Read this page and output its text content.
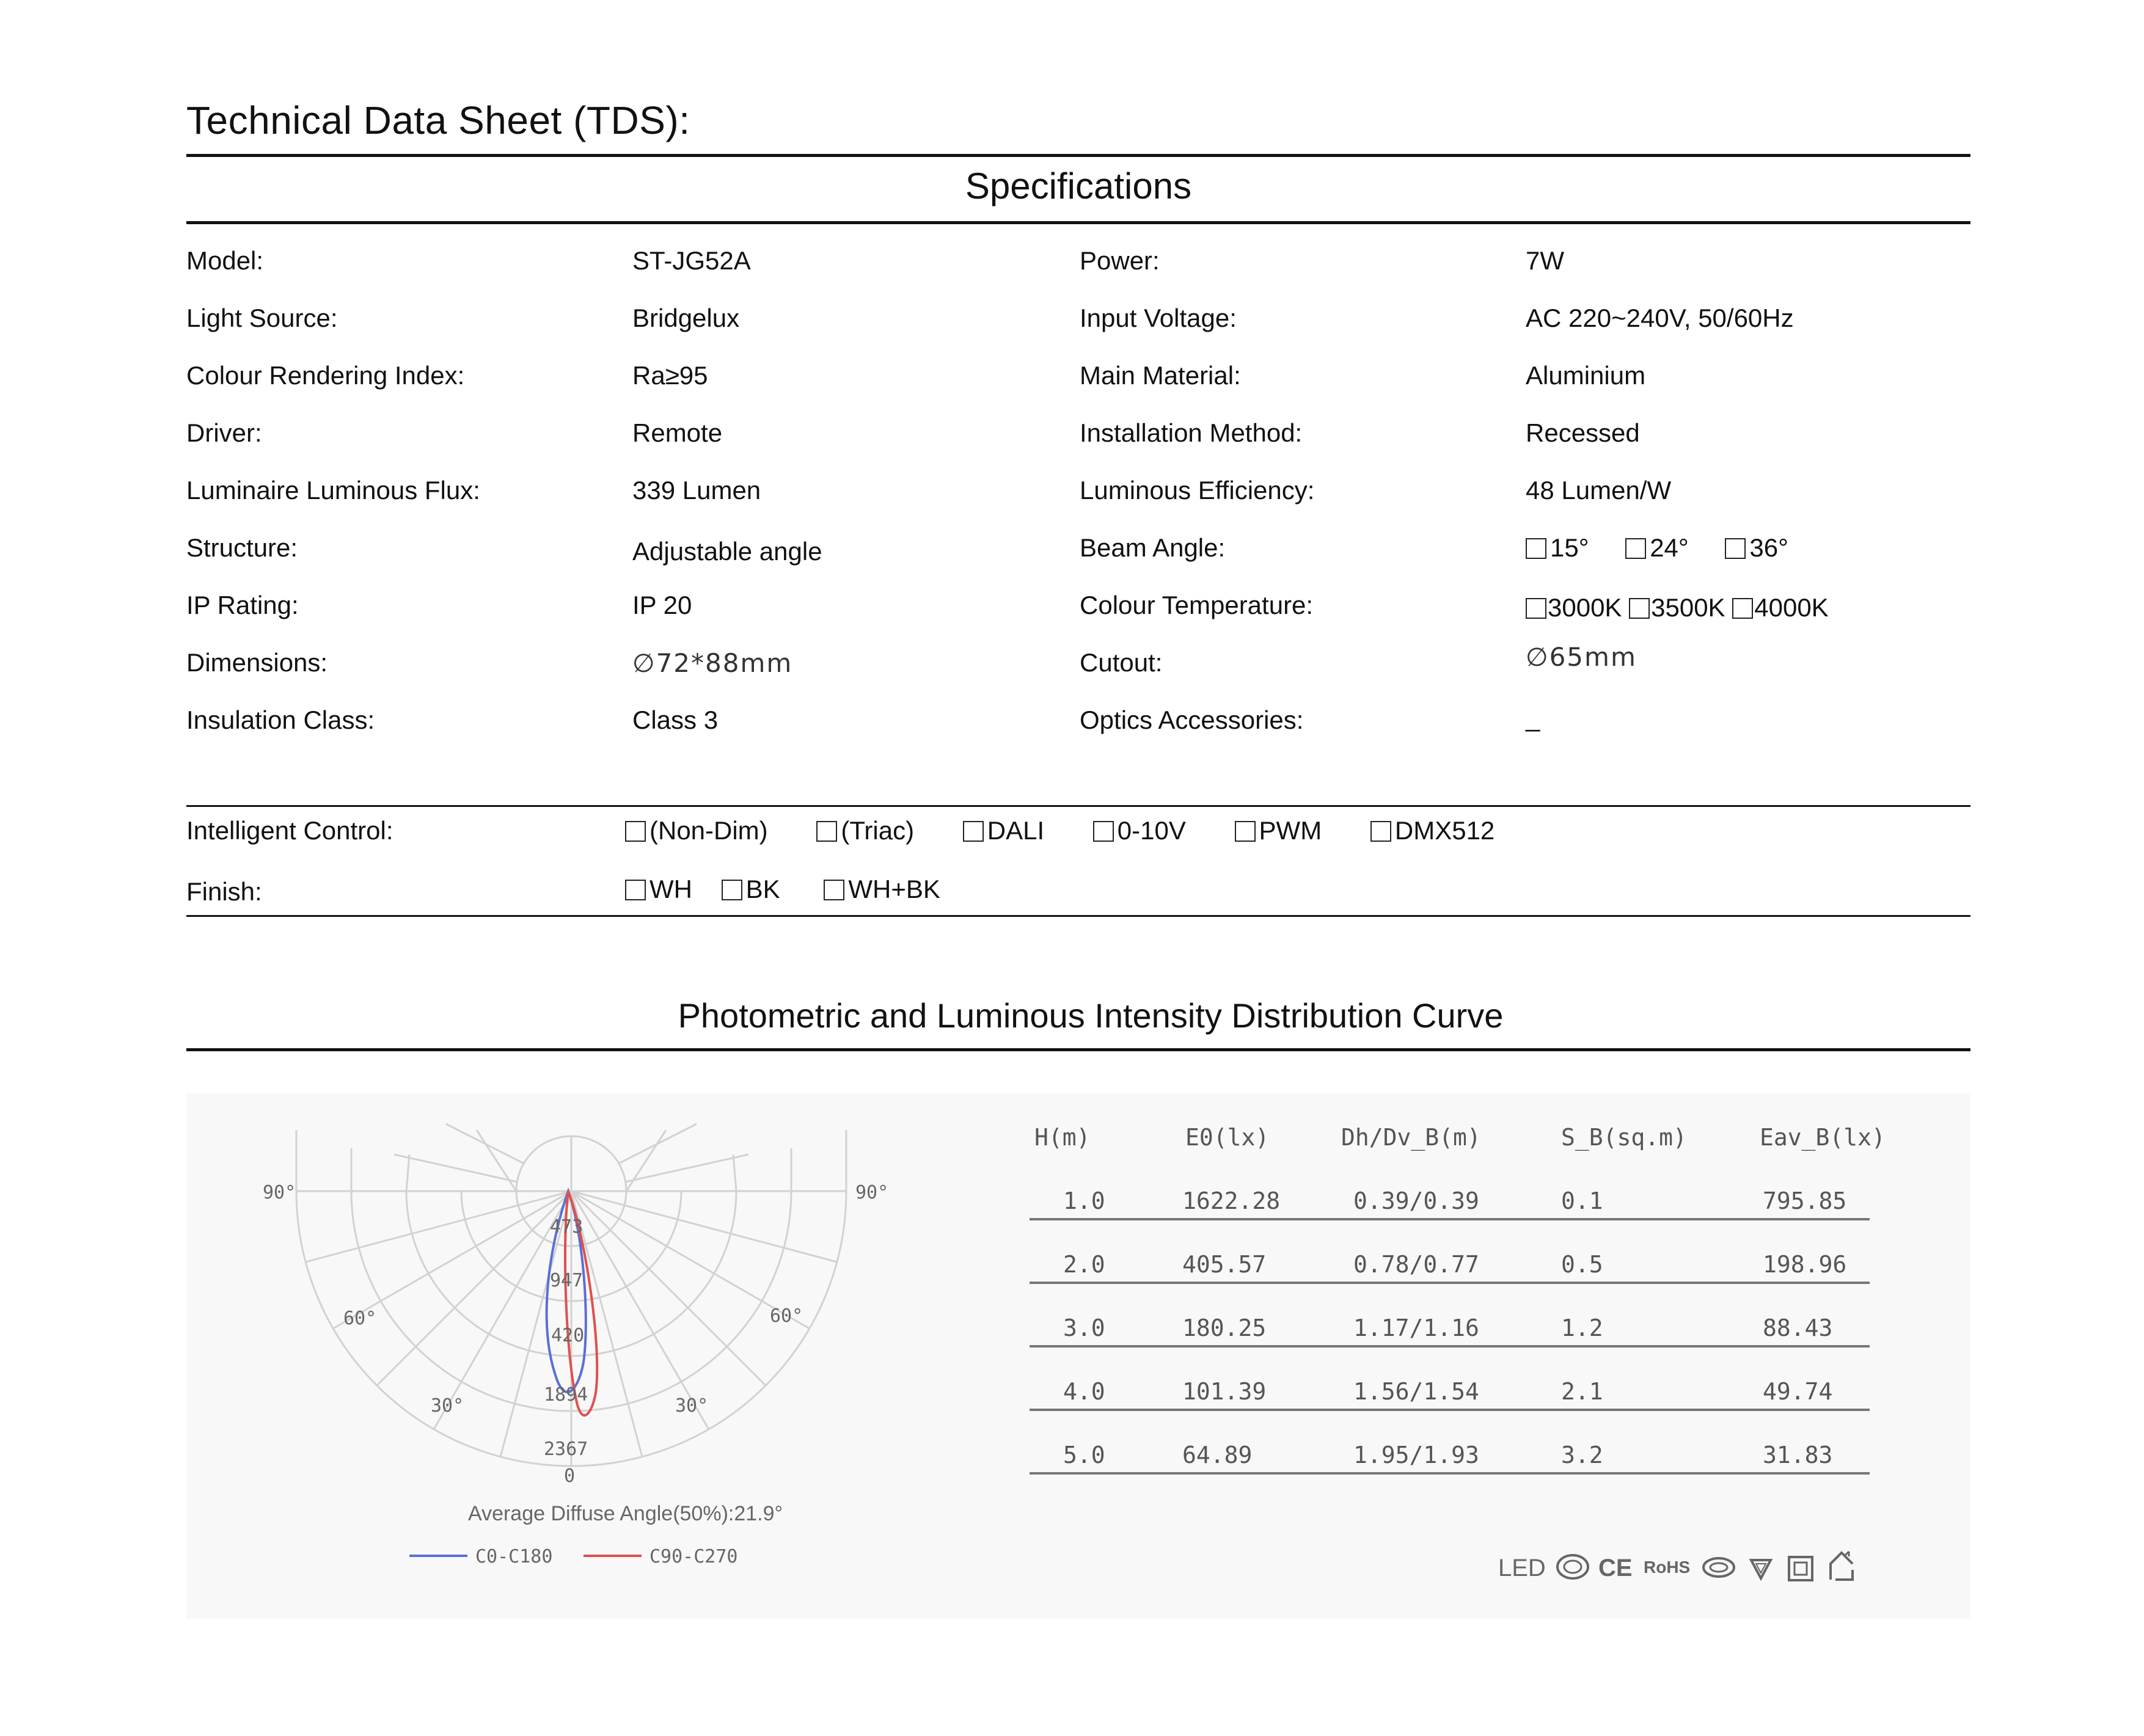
Technical Data Sheet (TDS):
Specifications
Model:	ST-JG52A	Power:	7W
Light Source:	Bridgelux	Input Voltage:	AC 220~240V, 50/60Hz
Colour Rendering Index:	Ra≥95	Main Material:	Aluminium
Driver:	Remote	Installation Method:	Recessed
Luminaire Luminous Flux:	339 Lumen	Luminous Efficiency:	48 Lumen/W
Structure:	Adjustable angle	Beam Angle:	15° 24° 36°
IP Rating:	IP 20	Colour Temperature:	3000K 3500K 4000K
Dimensions:	∅72*88mm	Cutout:	∅65mm
Insulation Class:	Class 3	Optics Accessories:	_
Intelligent Control:	(Non-Dim)	(Triac)	DALI	0-10V	PWM	DMX512
Finish:	WH BK	WH+BK
Photometric and Luminous Intensity Distribution Curve
90°	90°
60°	60°
30°	30°
0
473
947
420
1894
2367
Average Diffuse Angle(50%):21.9°
C0-C180	C90-C270
H(m)	E0(lx)	Dh/Dv_B(m)	S_B(sq.m)	Eav_B(lx)
1.0	1622.28	0.39/0.39	0.1	795.85
2.0	405.57	0.78/0.77	0.5	198.96
3.0	180.25	1.17/1.16	1.2	88.43
4.0	101.39	1.56/1.54	2.1	49.74
5.0	64.89	1.95/1.93	3.2	31.83
LED CE RoHS
